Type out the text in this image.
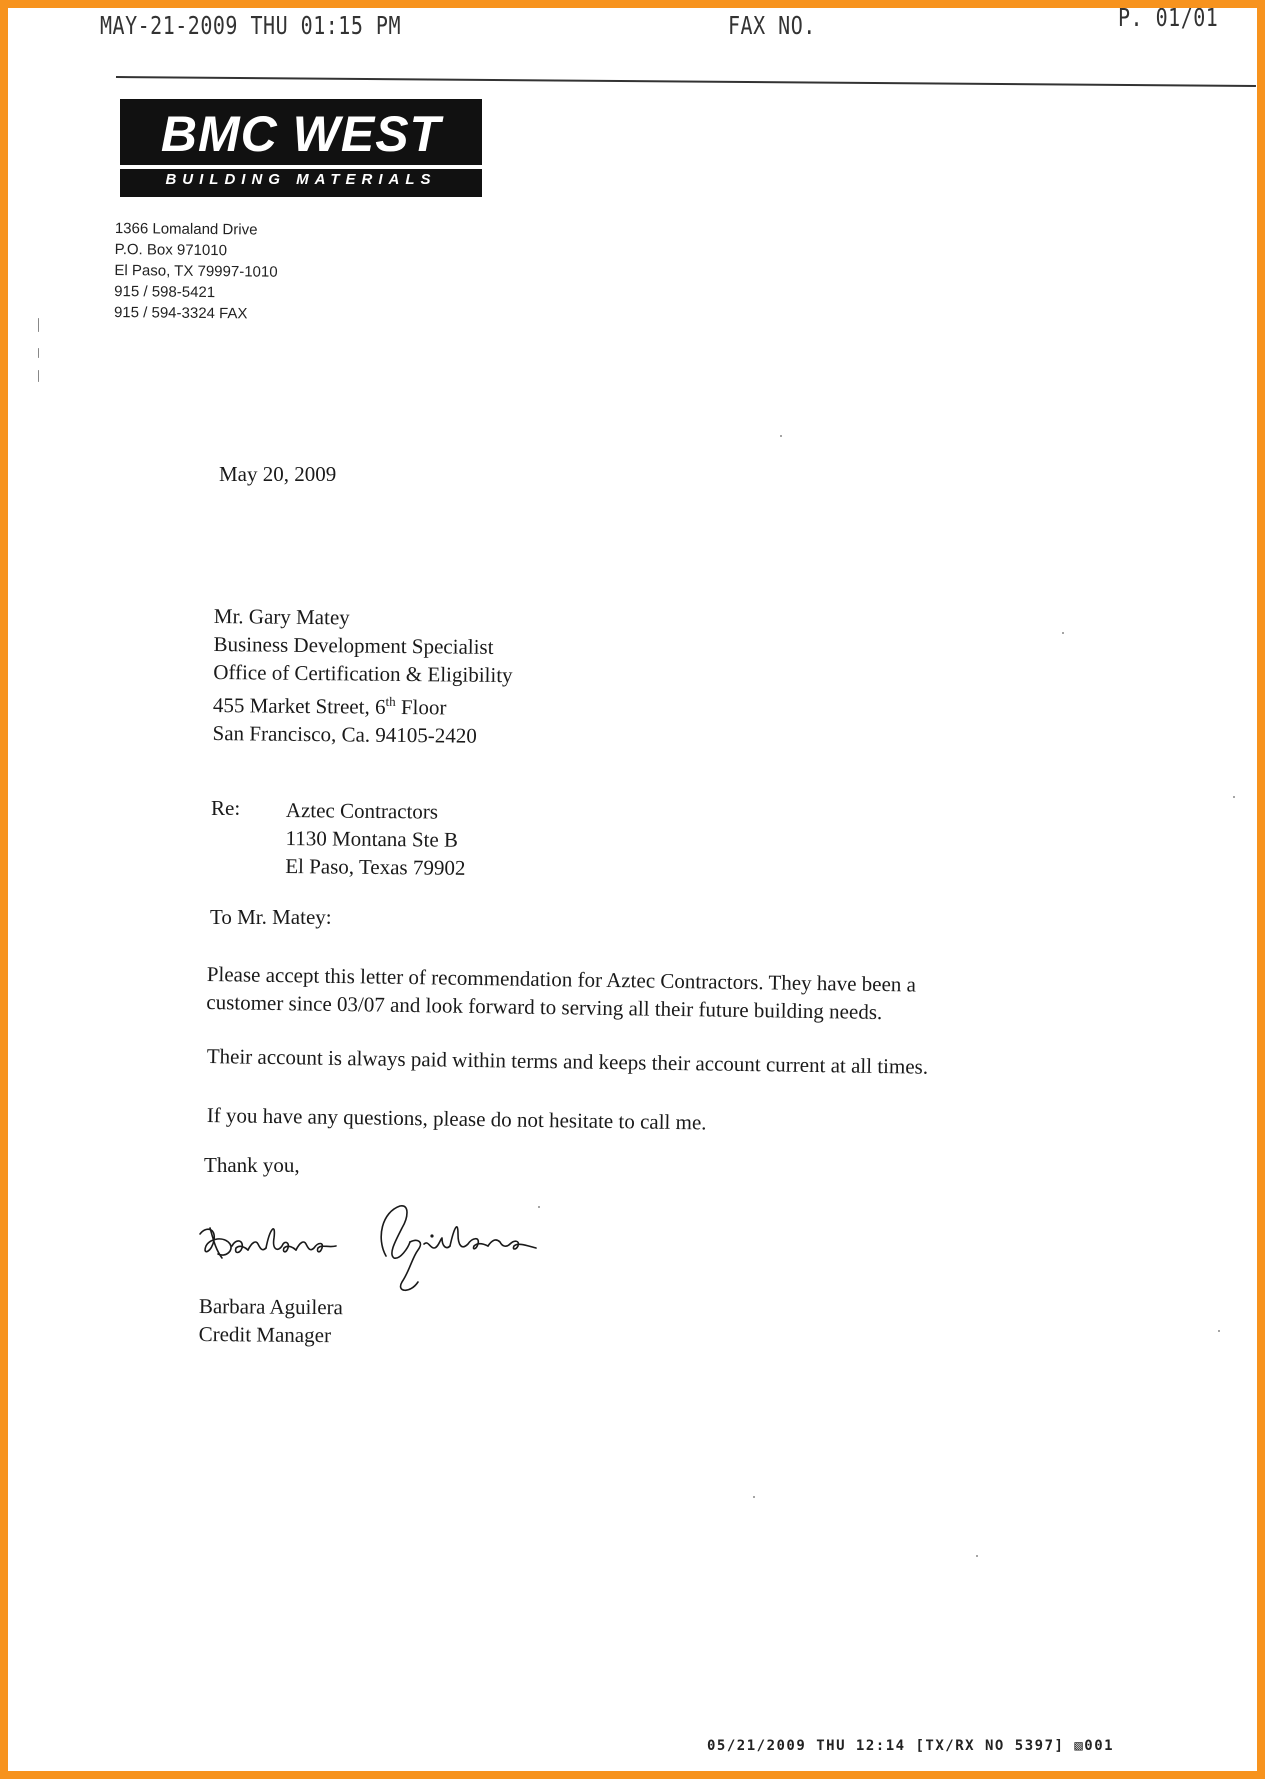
MAY-21-2009 THU 01:15 PM	FAX NO.	P. 01/01
BMC WEST
BUILDING MATERIALS
1366 Lomaland Drive
P.O. Box 971010
El Paso, TX 79997-1010
915 / 598-5421
915 / 594-3324 FAX
May 20, 2009
Mr. Gary Matey
Business Development Specialist
Office of Certification & Eligibility
455 Market Street, 6th Floor
San Francisco, Ca. 94105-2420
Re: Aztec Contractors
1130 Montana Ste B
El Paso, Texas 79902
To Mr. Matey:
Please accept this letter of recommendation for Aztec Contractors. They have been a
customer since 03/07 and look forward to serving all their future building needs.
Their account is always paid within terms and keeps their account current at all times.
If you have any questions, please do not hesitate to call me.
Thank you,
Barbara Aguilera
Credit Manager
05/21/2009 THU 12:14 [TX/RX NO 5397] ▧001
